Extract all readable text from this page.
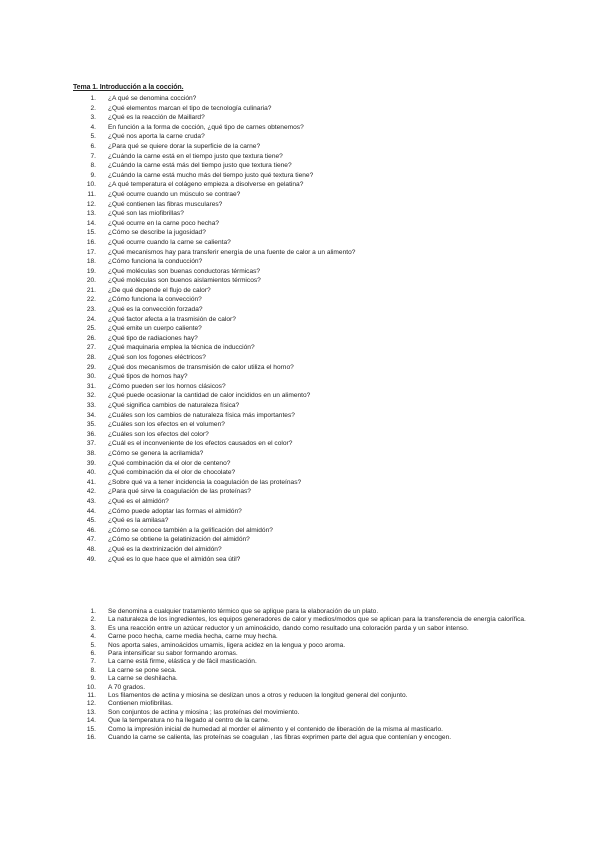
Tema 1. Introducción a la cocción.
1. ¿A qué se denomina cocción?
2. ¿Qué elementos marcan el tipo de tecnología culinaria?
3. ¿Qué es la reacción de Maillard?
4. En función a la forma de cocción, ¿qué tipo de carnes obtenemos?
5. ¿Qué nos aporta la carne cruda?
6. ¿Para qué se quiere dorar la superficie de la carne?
7. ¿Cuándo la carne está en el tiempo justo que textura tiene?
8. ¿Cuándo la carne está más del tiempo justo que textura tiene?
9. ¿Cuándo la carne está mucho más del tiempo justo qué textura tiene?
10. ¿A qué temperatura el colágeno empieza a disolverse en gelatina?
11. ¿Qué ocurre cuando un músculo se contrae?
12. ¿Qué contienen las fibras musculares?
13. ¿Qué son las miofibrillas?
14. ¿Qué ocurre en la carne poco hecha?
15. ¿Cómo se describe la jugosidad?
16. ¿Qué ocurre cuando la carne se calienta?
17. ¿Qué mecanismos hay para transferir energía de una fuente de calor a un alimento?
18. ¿Cómo funciona la conducción?
19. ¿Qué moléculas son buenas conductoras térmicas?
20. ¿Qué moléculas son buenos aislamientos térmicos?
21. ¿De qué depende el flujo de calor?
22. ¿Cómo funciona la convección?
23. ¿Qué es la convección forzada?
24. ¿Qué factor afecta a la trasmisión de calor?
25. ¿Qué emite un cuerpo caliente?
26. ¿Qué tipo de radiaciones hay?
27. ¿Qué maquinaria emplea la técnica de inducción?
28. ¿Qué son los fogones eléctricos?
29. ¿Qué dos mecanismos de transmisión de calor utiliza el horno?
30. ¿Qué tipos de hornos hay?
31. ¿Cómo pueden ser los hornos clásicos?
32. ¿Qué puede ocasionar la cantidad de calor incididos en un alimento?
33. ¿Qué significa cambios de naturaleza física?
34. ¿Cuáles son los cambios de naturaleza física más importantes?
35. ¿Cuáles son los efectos en el volumen?
36. ¿Cuáles son los efectos del color?
37. ¿Cuál es el inconveniente de los efectos causados en el color?
38. ¿Cómo se genera la acrilamida?
39. ¿Qué combinación da el olor de centeno?
40. ¿Qué combinación da el olor de chocolate?
41. ¿Sobre qué va a tener incidencia la coagulación de las proteínas?
42. ¿Para qué sirve la coagulación de las proteínas?
43. ¿Qué es el almidón?
44. ¿Cómo puede adoptar las formas el almidón?
45. ¿Qué es la amilasa?
46. ¿Cómo se conoce también a la gelificación del almidón?
47. ¿Cómo se obtiene la gelatinización del almidón?
48. ¿Qué es la dextrinización del almidón?
49. ¿Qué es lo que hace que el almidón sea útil?
1. Se denomina a cualquier tratamiento térmico que se aplique para la elaboración de un plato.
2. La naturaleza de los ingredientes, los equipos generadores de calor y medios/modos que se aplican para la transferencia de energía calorífica.
3. Es una reacción entre un azúcar reductor y un aminoácido, dando como resultado una coloración parda y un sabor intenso.
4. Carne poco hecha, carne media hecha, carne muy hecha.
5. Nos aporta sales, aminoácidos umamis, ligera acidez en la lengua y poco aroma.
6. Para intensificar su sabor formando aromas.
7. La carne está firme, elástica y de fácil masticación.
8. La carne se pone seca.
9. La carne se deshilacha.
10. A 70 grados.
11. Los filamentos de actina y miosina se deslizan unos a otros y reducen la longitud general del conjunto.
12. Contienen miofibrillas.
13. Son conjuntos de actina y miosina ; las proteínas del movimiento.
14. Que la temperatura no ha llegado al centro de la carne.
15. Como la impresión inicial de humedad al morder el alimento y el contenido de liberación de la misma al masticarlo.
16. Cuando la carne se calienta, las proteínas se coagulan , las fibras exprimen parte del agua que contenían y encogen.
